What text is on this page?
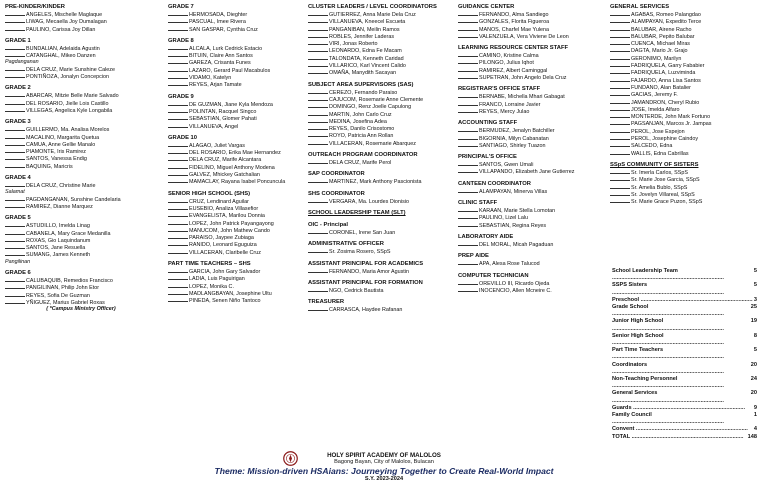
PRE-KINDER/KINDER
ANGELES, Mischelle Maglaque
LIWAG, Mecaella Joy Dumalagan
PAULINO, Carissa Joy Dillan
GRADE 1
BUNDALIAN, Adelaida Agustin
CATANGHAL, Mikeo Danzen
Pagdanganan
DELA CRUZ, Marie Sunshine Caleze
PONTIÑOZA, Jonalyn Concepcion
GRADE 2
ABARCAR, Mitzie Belle Marie Salvado
DEL ROSARIO, Jielle Lois Castillo
VILLEGAS, Angelica Kyle Longabila
GRADE 3
GUILLERMO, Ma. Analisa Morelos
MACALINO, Margarita Quetua
CAMUA, Anne Gellie Manalo
PIAMONTE, Iris Ramirez
SANTOS, Vanessa Endig
BAQUING, Maricris
GRADE 4
DELA CRUZ, Christine Marie
Salamat
PAGDANGANAN, Sunshine Candelaria
RAMIREZ, Dianne Marquez
GRADE 5
ASTUDILLO, Imelda Linag
CABANELA, Mary Grace Medanilla
ROXAS, Gio Laquindanum
SANTOS, Jane Resuella
SUMANG, James Kenneth
Pangilinan
GRADE 6
CALUBAQUIB, Remedios Francisco
PANGILINAN, Philip John Etor
REYES, Sofia De Guzman
YÑIGUEZ, Marius Gabriel Roxas
( *Campus Ministry Officer)
GRADE 7
HERMOSADA, Dieghter
PASCUAL, Imee Rivera
SAN GASPAR, Cynthia Cruz
GRADE 8
ALCALA, Lurk Cedrick Estacio
BITUIN, Claire Ann Santos
GAREZA, Crisanta Funes
LAZARO, Gerard Paul Macabulos
VIDAMO, Katelyn
REYES, Arjan Tamate
GRADE 9
DE GUZMAN, Jiane Kyla Mendoza
POLINTAN, Racquel Singco
SEBASTIAN, Glomer Pahati
VILLANUEVA, Angel
GRADE 10
ALAGAO, Juliet Vargas
DEL ROSARIO, Erika Mae Hernandez
DELA CRUZ, Marife Alcantara
FIDELINO, Miguel Anthony Modena
GALVEZ, Mhickey Gatchalian
MAMACLAY, Rayana Isabel Poncuncula
SENIOR HIGH SCHOOL (SHS)
CRUZ, Lendinard Aguilar
EUSEBIO, Analiza Villasefior
EVANGELISTA, Marilou Donnia
LOPEZ, John Patrick Payangayong
MANUCOM, John Mathew Cando
PARAISO, Jaypee Zubiaga
RANIDO, Leonard Eguguiza
VILLACERAN, Claribelle Cruz
PART TIME TEACHERS – SHS
GARCIA, John Gary Salvador
LADIA, Luis Paguirigan
LOPEZ, Monika C.
MADLANGBAYAN, Josephine Ultu
PINEDA, Senen Niño Tantoco
CLUSTER LEADERS / LEVEL COORDINATORS
GUTIERREZ, Anna Marie Dela Cruz
VILLANUEVA, Kneecel Escueta
PANGANIBAN, Meilin Ramos
ROBLES, Jennifer Laderas
VIRI, Jonas Roberto
LEONARDO, Edna Fe Macam
TALONDATA, Kenneth Caridad
VILLARICO, Karl Vincent Calido
OMAÑA, Manydith Sacayan
SUBJECT AREA SUPERVISORS (SAS)
CEREZO, Fernando Paraiso
CAJUCOM, Rosemarie Anne Clemente
DOMINGO, Renz Joelle Capulong
MARTIN, John Carlo Cruz
MEDINA, Josefina Adea
REYES, Danilo Crisostomo
ROYO, Patricia Ann Rollan
VILLACERAN, Rosemarie Abarquez
OUTREACH PROGRAM COORDINATOR
DELA CRUZ, Marife Perol
SAP COORDINATOR
MARTINEZ, Mark Anthony Pascionista
SHS COORDINATOR
VERGARA, Ma. Lourdes Dionisio
SCHOOL LEADERSHIP TEAM (SLT)
OIC - Principal
CORONEL, Irene San Juan
ADMINISTRATIVE OFFICER
Sr. Zosima Rosero, SSpS
ASSISTANT PRINCIPAL FOR ACADEMICS
FERNANDO, Maria Amor Agustin
ASSISTANT PRINCIPAL FOR FORMATION
NGO, Cedrick Bautista
TREASURER
CARRASCA, Haydee Rafanan
GUIDANCE CENTER
FERNANDO, Alma Sandiego
GONZALES, Florita Figueroa
MANOS, Charfel Mae Yulena
VALENZUELA, Vera Viviene De Leon
LEARNING RESOURCE CENTER STAFF
CAMINO, Kristine Calma
PILONGO, Julius Iqhot
RAMIREZ, Albert Caminggal
SUPETRAN, John Angelo Dela Cruz
REGISTRAR'S OFFICE STAFF
BERNABE, Michella Mhari Gabagat
FRANCO, Lorraine Javier
REYES, Mercy Julao
ACCOUNTING STAFF
BERMUDEZ, Jenalyn Batchiller
BIGORNIA, Milyn Cabanatan
SANTIAGO, Shirley Tuazon
PRINCIPAL'S OFFICE
SANTOS, Gwen Umali
VILLAPANDO, Elizabeth Jane Gutierrez
CANTEEN COORDINATOR
ALAMPAYAN, Minerva Villas
CLINIC STAFF
KARAAN, Marie Stella Lomotan
PAULINO, Lizel Lalu
SEBASTIAN, Regina Reyes
LABORATORY AIDE
DEL MORAL, Micah Pagaduan
PREP AIDE
APA, Alesa Rose Talucod
COMPUTER TECHNICIAN
OREVILLO III, Ricardo Ojeda
INOCENCIO, Allen Mcneire C.
GENERAL SERVICES
AGABAS, Romeo Palangdao
ALAMPAYAN, Expedito Terce
BALUBAR, Airene Racho
BALUBAR, Pepito Balubar
CUENCA, Michael Miras
DAGTA, Mario Jr. Grajo
GERONIMO, Marilyn
FADRIQUELA, Garry Fababier
FADRIQUELA, Luzviminda
FAJARDO, Anna Lisa Santos
FUNDANO, Alan Batalier
GACIAS, Jeremy F.
JAMANDRON, Cheryl Rubio
JOSE, Imelda Alfaro
MONTERDE, John Mark Fortuno
PAGSANJAN, Marcos Jr. Jampas
PEROL, Jose Espejon
PEROL, Josephine Caindoy
SALCEDO, Edna
WALLIS, Edna Cabrillas
SSpS COMMUNITY OF SISTERS
Sr. Imerla Carlos, SSpS
Sr. Marie Jose Garcia, SSpS
Sr. Amelia Bublo, SSpS
Sr. Jovelyn Villareal, SSpS
Sr. Marie Grace Puzon, SSpS
School Leadership Team .....	5
SSPS Sisters .....	5
Preschool .....	3
Grade School .....	25
Junior High School .....	19
Senior High School .....	8
Part Time Teachers .....	5
Coordinators .....	20
Non-Teaching Personnel .....	24
General Services .....	20
Guards .....	9
Family Council .....	1
Convent .....	4
TOTAL .....	148
HOLY SPIRIT ACADEMY OF MALOLOS
Bagong Bayan, City of Malolos, Bulacan
Theme: Mission-driven HSAians: Journeying Together to Create Real-World Impact
S.Y. 2023-2024
